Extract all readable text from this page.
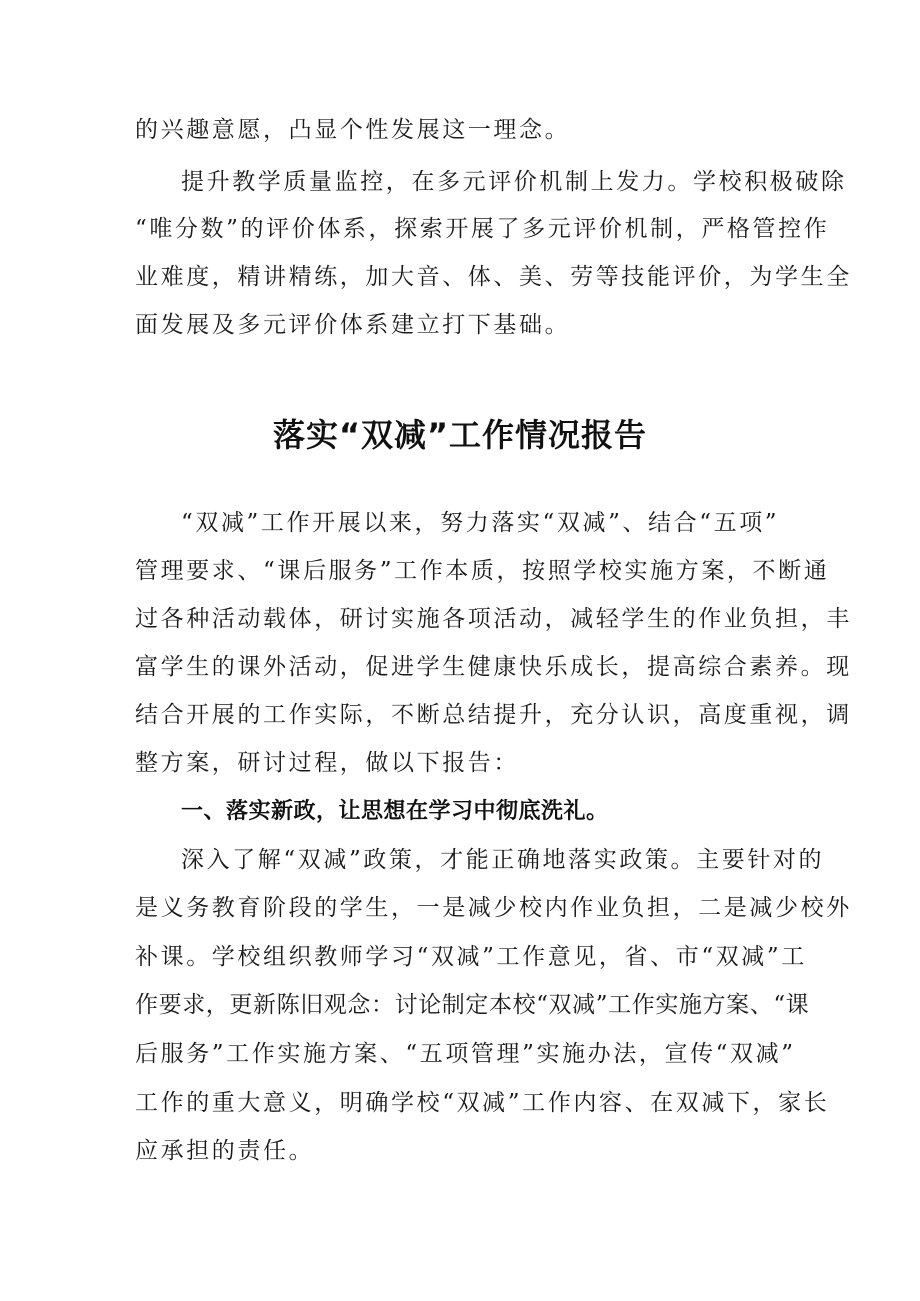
的兴趣意愿，凸显个性发展这一理念。
提升教学质量监控，在多元评价机制上发力。学校积极破除
“唯分数”的评价体系，探索开展了多元评价机制，严格管控作
业难度，精讲精练，加大音、体、美、劳等技能评价，为学生全
面发展及多元评价体系建立打下基础。
落实“双减”工作情况报告
“双减”工作开展以来，努力落实“双减”、结合“五项”
管理要求、“课后服务”工作本质，按照学校实施方案，不断通
过各种活动载体，研讨实施各项活动，减轻学生的作业负担，丰
富学生的课外活动，促进学生健康快乐成长，提高综合素养。现
结合开展的工作实际，不断总结提升，充分认识，高度重视，调
整方案，研讨过程，做以下报告：
一、落实新政，让思想在学习中彻底洗礼。
深入了解“双减”政策，才能正确地落实政策。主要针对的
是义务教育阶段的学生，一是减少校内作业负担，二是减少校外
补课。学校组织教师学习“双减”工作意见，省、市“双减”工
作要求，更新陈旧观念：讨论制定本校“双减”工作实施方案、“课
后服务”工作实施方案、“五项管理”实施办法，宣传“双减”
工作的重大意义，明确学校“双减”工作内容、在双减下，家长
应承担的责任。
